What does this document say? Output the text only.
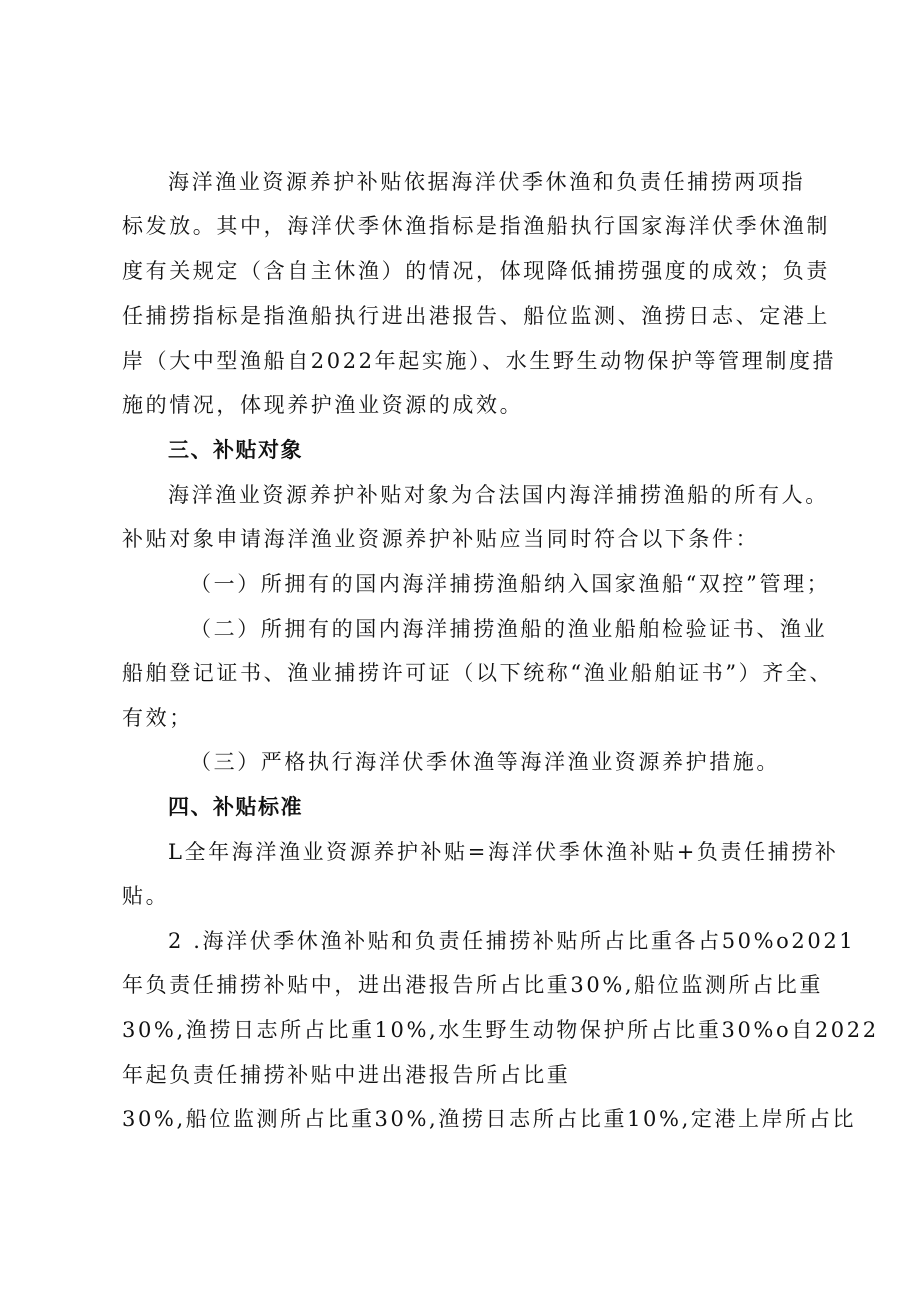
海洋渔业资源养护补贴依据海洋伏季休渔和负责任捕捞两项指
标发放。其中，海洋伏季休渔指标是指渔船执行国家海洋伏季休渔制
度有关规定（含自主休渔）的情况，体现降低捕捞强度的成效；负责
任捕捞指标是指渔船执行进出港报告、船位监测、渔捞日志、定港上
岸（大中型渔船自2022年起实施）、水生野生动物保护等管理制度措
施的情况，体现养护渔业资源的成效。
三、补贴对象
海洋渔业资源养护补贴对象为合法国内海洋捕捞渔船的所有人。
补贴对象申请海洋渔业资源养护补贴应当同时符合以下条件：
（一）所拥有的国内海洋捕捞渔船纳入国家渔船“双控”管理；
（二）所拥有的国内海洋捕捞渔船的渔业船舶检验证书、渔业
船舶登记证书、渔业捕捞许可证（以下统称“渔业船舶证书”）齐全、
有效；
（三）严格执行海洋伏季休渔等海洋渔业资源养护措施。
四、补贴标准
L全年海洋渔业资源养护补贴=海洋伏季休渔补贴+负责任捕捞补
贴。
2 .海洋伏季休渔补贴和负责任捕捞补贴所占比重各占50%o2021
年负责任捕捞补贴中，进出港报告所占比重30%,船位监测所占比重
30%,渔捞日志所占比重10%,水生野生动物保护所占比重30%o自2022
年起负责任捕捞补贴中进出港报告所占比重
30%,船位监测所占比重30%,渔捞日志所占比重10%,定港上岸所占比
